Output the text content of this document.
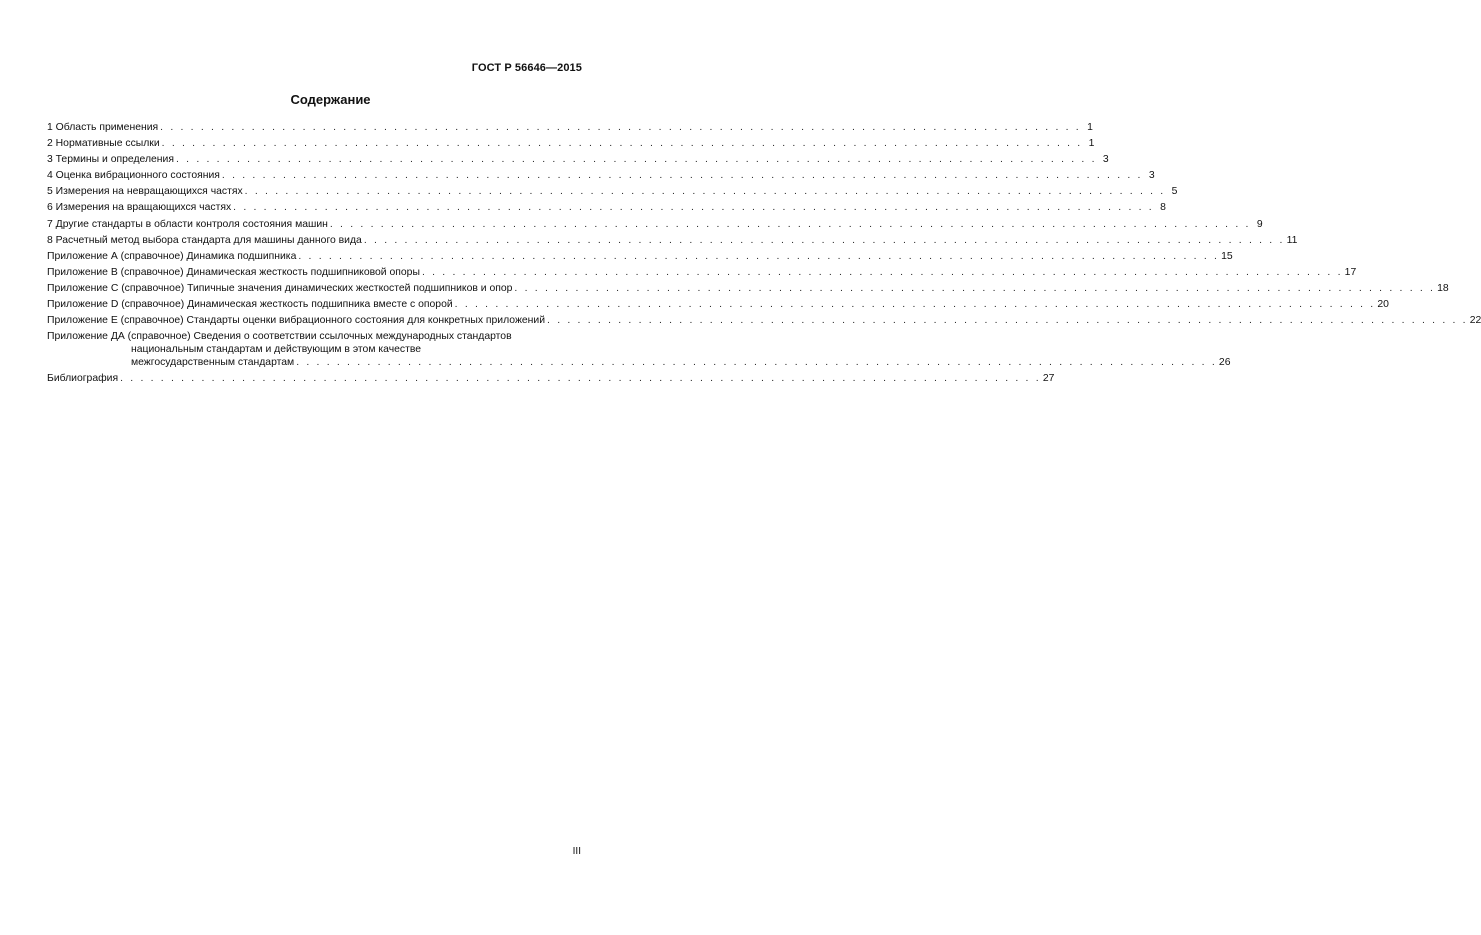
ГОСТ Р 56646—2015
Содержание
1 Область применения . . . . . . . . . . . . . . . . . . . . . . . . . . . . . . . . . . . . . . . . . . . . . . . . . . . . . . . . . . . . . . . . . . . . . . . . . . . . . . . . . . . . . . . . . . . 1
2 Нормативные ссылки . . . . . . . . . . . . . . . . . . . . . . . . . . . . . . . . . . . . . . . . . . . . . . . . . . . . . . . . . . . . . . . . . . . . . . . . . . . . . . . . . . . . . . . . . . . 1
3 Термины и определения . . . . . . . . . . . . . . . . . . . . . . . . . . . . . . . . . . . . . . . . . . . . . . . . . . . . . . . . . . . . . . . . . . . . . . . . . . . . . . . . . . . . . . . . . . . 3
4 Оценка вибрационного состояния . . . . . . . . . . . . . . . . . . . . . . . . . . . . . . . . . . . . . . . . . . . . . . . . . . . . . . . . . . . . . . . . . . . . . . . . . . . . . . . . . . . . . . . . . . . 3
5 Измерения на невращающихся частях . . . . . . . . . . . . . . . . . . . . . . . . . . . . . . . . . . . . . . . . . . . . . . . . . . . . . . . . . . . . . . . . . . . . . . . . . . . . . . . . . . . . . . . . . . . 5
6 Измерения на вращающихся частях . . . . . . . . . . . . . . . . . . . . . . . . . . . . . . . . . . . . . . . . . . . . . . . . . . . . . . . . . . . . . . . . . . . . . . . . . . . . . . . . . . . . . . . . . . . 8
7 Другие стандарты в области контроля состояния машин . . . . . . . . . . . . . . . . . . . . . . . . . . . . . . . . . . . . . . . . . . . . . . . . . . . . . . . . . . . . . . . . . . . . . . . . . . . . . . . . . . . . . . . . . . . 9
8 Расчетный метод выбора стандарта для машины данного вида . . . . . . . . . . . . . . . . . . . . . . . . . . . . . . . . . . . . . . . . . . . . . . . . . . . . . . . . . . . . . . . . . . . . . . . . . . . . . . . . . . . . . . . . . . . 11
Приложение А (справочное) Динамика подшипника . . . . . . . . . . . . . . . . . . . . . . . . . . . . . . . . . . . . . . . . . . . . . . . . . . . . . . . . . . . . . . . . . . . . . . . . . . . . . . . . . . . . . . . . . . . 15
Приложение В (справочное) Динамическая жесткость подшипниковой опоры . . . . . . . . . . . . . . . . . . . . . . . . . . . . . . . . . . . . . . . . . . . . . . . . . . . . . . . . . . . . . . . . . . . . . . . . . . . . . . . . . . . . . . . . . . . 17
Приложение С (справочное) Типичные значения динамических жесткостей подшипников и опор . . . . . . . . . . . . . . . . . . . . . . . . . . . . . . . . . . . . . . . . . . . . . . . . . . . . . . . . . . . . . . . . . . . . . . . . . . . . . . . . . . . . . . . . . . . 18
Приложение D (справочное) Динамическая жесткость подшипника вместе с опорой . . . . . . . . . . . . . . . . . . . . . . . . . . . . . . . . . . . . . . . . . . . . . . . . . . . . . . . . . . . . . . . . . . . . . . . . . . . . . . . . . . . . . . . . . . . 20
Приложение Е (справочное) Стандарты оценки вибрационного состояния для конкретных приложений . . . . . . . . . . . . . . . . . . . . . . . . . . . . . . . . . . . . . . . . . . . . . . . . . . . . . . . . . . . . . . . . . . . . . . . . . . . . . . . . . . . . . . . . . . . 22
Приложение ДА (справочное) Сведения о соответствии ссылочных международных стандартов
национальным стандартам и действующим в этом качестве
межгосударственным стандартам . . . . . . . . . . . . . . . . . . . . . . . . . . . . . . . . . . . . . . . . . . . . . . . . . . . . . . . . . . . . . . . . . . . . . . . . . . . . . . . . . . . . . . . . . . . 26
Библиография . . . . . . . . . . . . . . . . . . . . . . . . . . . . . . . . . . . . . . . . . . . . . . . . . . . . . . . . . . . . . . . . . . . . . . . . . . . . . . . . . . . . . . . . . . . 27
III
